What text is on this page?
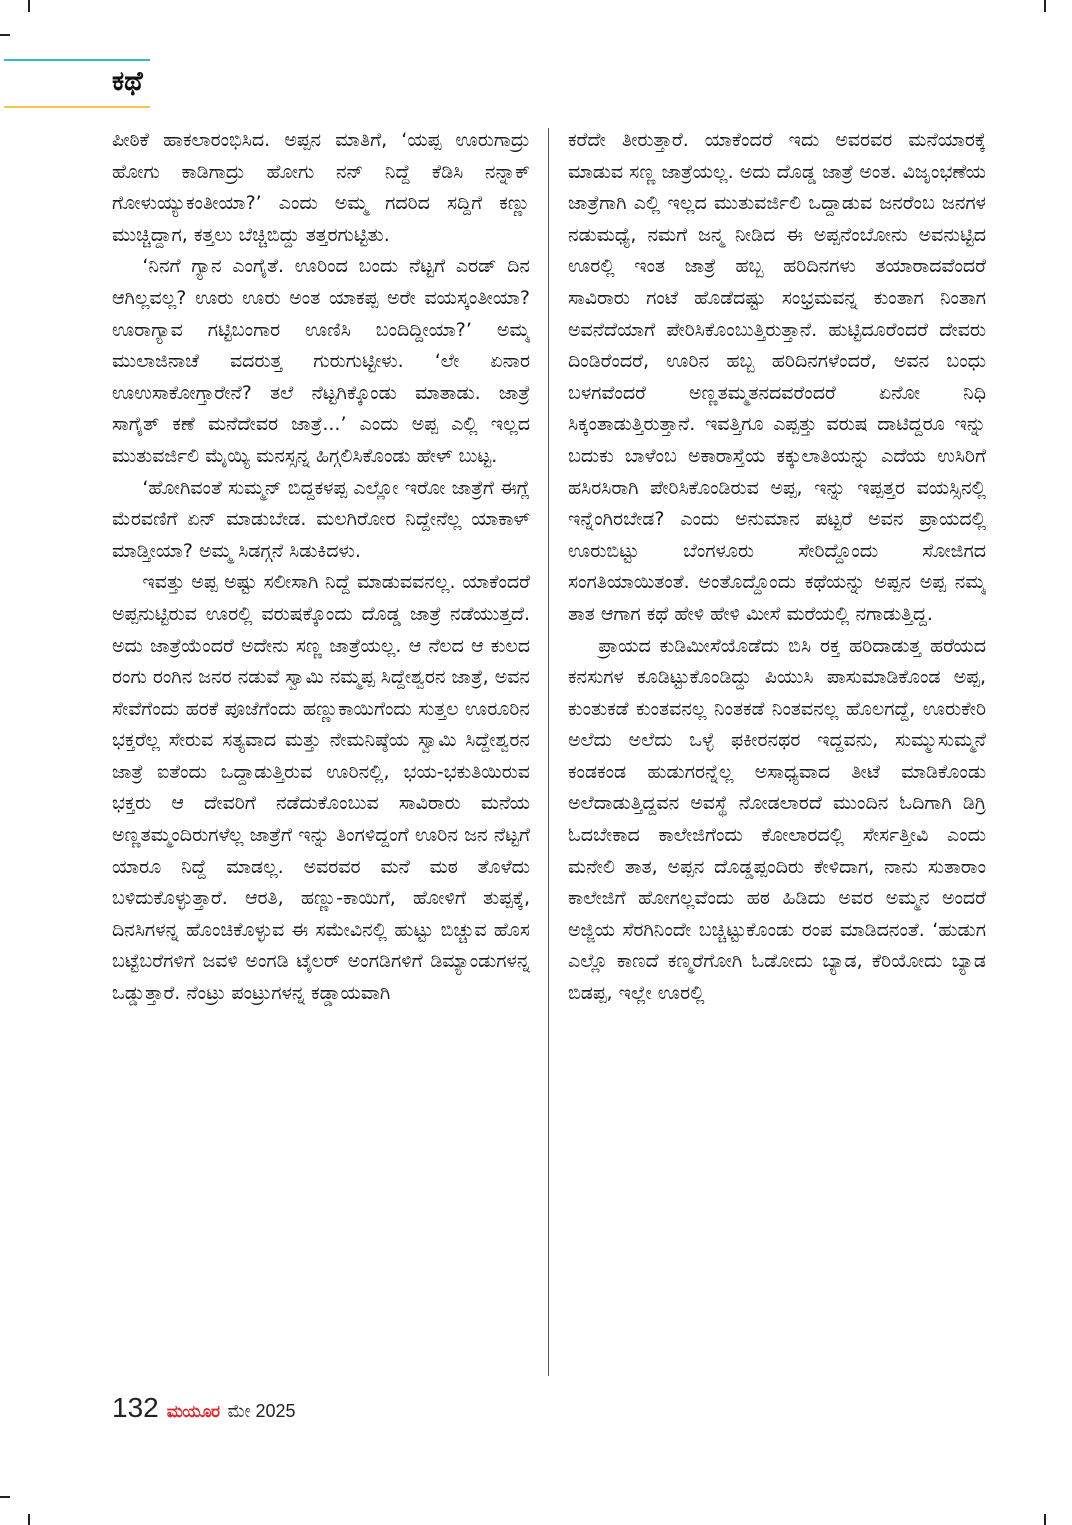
ಕಥೆ

ಪೀಠಿಕೆ ಹಾಕಲಾರಂಭಿಸಿದ. ಅಪ್ಪನ ಮಾತಿಗೆ, ‘ಯಪ್ಪ ಊರುಗಾದ್ರು ಹೋಗು ಕಾಡಿಗಾದ್ರು ಹೋಗು ನನ್ ನಿದ್ದೆ ಕೆಡಿಸಿ ನನ್ನಾಕ್ ಗೋಳುಯ್ಯುಕಂತೀಯಾ?’ ಎಂದು ಅಮ್ಮ ಗದರಿದ ಸದ್ದಿಗೆ ಕಣ್ಣು ಮುಚ್ಚಿದ್ದಾಗ, ಕತ್ತಲು ಬೆಚ್ಚಿಬಿದ್ದು ತತ್ತರಗುಟ್ಟಿತು.

‘ನಿನಗೆ ಗ್ಯಾನ ಎಂಗೈತೆ. ಊರಿಂದ ಬಂದು ನೆಟ್ಟಗೆ ಎರಡ್ ದಿನ ಆಗಿಲ್ಲವಲ್ಲ? ಊರು ಊರು ಅಂತ ಯಾಕಪ್ಪ ಅರೇ ವಯಸ್ಕಂತೀಯಾ? ಊರಾಗ್ಯಾವ ಗಟ್ಟಿಬಂಗಾರ ಊಣಿಸಿ ಬಂದಿದ್ದೀಯಾ?’ ಅಮ್ಮ ಮುಲಾಜಿನಾಚೆ ವದರುತ್ತ ಗುರುಗುಟ್ಟೀಳು. ‘ಲೇ ಏನಾರ ಊಉಸಾಕೋಗ್ತಾರೇನೆ? ತಲೆ ನೆಟ್ಟಗಿಕ್ಕೊಂಡು ಮಾತಾಡು. ಜಾತ್ರೆ ಸಾಗೈತ್ ಕಣೆ ಮನೆದೇವರ ಜಾತ್ರೆ...’ ಎಂದು ಅಪ್ಪ ಎಲ್ಲಿ ಇಲ್ಲದ ಮುತುವರ್ಜಿಲಿ ಮೈಯ್ಯಿ ಮನಸ್ಸನ್ನ ಹಿಗ್ಗಲಿಸಿಕೊಂಡು ಹೇಳ್ ಬುಟ್ಟ.

‘ಹೋಗಿವಂತೆ ಸುಮ್ಮನ್ ಬಿದ್ದಕಳಪ್ಪ ಎಲ್ಲೋ ಇರೋ ಜಾತ್ರೆಗೆ ಈಗ್ಲೆ ಮೆರವಣಿಗೆ ಏನ್ ಮಾಡುಬೇಡ. ಮಲಗಿರೋರ ನಿದ್ದೇನೆಲ್ಲ ಯಾಕಾಳ್ ಮಾಡ್ತೀಯಾ? ಅಮ್ಮ ಸಿಡಗ್ಗನೆ ಸಿಡುಕಿದಳು.

ಇವತ್ತು ಅಪ್ಪ ಅಷ್ಟು ಸಲೀಸಾಗಿ ನಿದ್ದೆ ಮಾಡುವವನಲ್ಲ. ಯಾಕೆಂದರೆ ಅಪ್ಪನುಟ್ಟಿರುವ ಊರಲ್ಲಿ ವರುಷಕ್ಕೊಂದು ದೊಡ್ಡ ಜಾತ್ರೆ ನಡೆಯುತ್ತದೆ. ಅದು ಜಾತ್ರೆಯೆಂದರೆ ಅದೇನು ಸಣ್ಣ ಜಾತ್ರೆಯಲ್ಲ. ಆ ನೆಲದ ಆ ಕುಲದ ರಂಗು ರಂಗಿನ ಜನರ ನಡುವೆ ಸ್ವಾಮಿ ನಮ್ಮಪ್ಪ ಸಿದ್ದೇಶ್ವರನ ಜಾತ್ರೆ, ಅವನ ಸೇವೆಗೆಂದು ಹರಕೆ ಪೂಜೆಗೆಂದು ಹಣ್ಣುಕಾಯಿಗೆಂದು ಸುತ್ತಲ ಊರೂರಿನ ಭಕ್ತರೆಲ್ಲ ಸೇರುವ ಸತ್ಯವಾದ ಮತ್ತು ನೇಮನಿಷ್ಠೆಯ ಸ್ವಾಮಿ ಸಿದ್ದೇಶ್ವರನ ಜಾತ್ರೆ ಐತೆಂದು ಒದ್ದಾಡುತ್ತಿರುವ ಊರಿನಲ್ಲಿ, ಭಯ-ಭಕುತಿಯಿರುವ ಭಕ್ತರು ಆ ದೇವರಿಗೆ ನಡೆದುಕೊಂಬುವ ಸಾವಿರಾರು ಮನೆಯ ಅಣ್ಣತಮ್ಮಂದಿರುಗಳೆಲ್ಲ ಜಾತ್ರೆಗೆ ಇನ್ನು ತಿಂಗಳಿದ್ದಂಗೆ ಊರಿನ ಜನ ನೆಟ್ಟಗೆ ಯಾರೂ ನಿದ್ದೆ ಮಾಡಲ್ಲ. ಅವರವರ ಮನೆ ಮಠ ತೊಳೆದು ಬಳಿದುಕೊಳ್ಳುತ್ತಾರೆ. ಆರತಿ, ಹಣ್ಣು-ಕಾಯಿಗೆ, ಹೋಳಿಗೆ ತುಪ್ಪಕ್ಕೆ, ದಿನಸಿಗಳನ್ನ ಹೊಂಚಿಕೊಳ್ಳುವ ಈ ಸಮೇವಿನಲ್ಲಿ ಹುಟ್ಟು ಬಿಚ್ಚುವ ಹೊಸ ಬಟ್ಟೆಬರೆಗಳಿಗೆ ಜವಳಿ ಅಂಗಡಿ ಟೈಲರ್ ಅಂಗಡಿಗಳಿಗೆ ಡಿಮ್ಯಾಂಡುಗಳನ್ನ ಒಡ್ಡುತ್ತಾರೆ. ನೆಂಟ್ರು ಪಂಟ್ರುಗಳನ್ನ ಕಡ್ಡಾಯವಾಗಿ

ಕರೆದೇ ತೀರುತ್ತಾರೆ. ಯಾಕೆಂದರೆ ಇದು ಅವರವರ ಮನೆಯಾರಕ್ಕೆ ಮಾಡುವ ಸಣ್ಣ ಜಾತ್ರೆಯಲ್ಲ. ಅದು ದೊಡ್ಡ ಜಾತ್ರೆ ಅಂತ. ವಿಜೃಂಭಣೆಯ ಜಾತ್ರೆಗಾಗಿ ಎಲ್ಲಿ ಇಲ್ಲದ ಮುತುವರ್ಜಿಲಿ ಒದ್ದಾಡುವ ಜನರೆಂಬ ಜನಗಳ ನಡುಮಧ್ಯೆ, ನಮಗೆ ಜನ್ಮ ನೀಡಿದ ಈ ಅಪ್ಪನೆಂಬೋನು ಅವನುಟ್ಟಿದ ಊರಲ್ಲಿ ಇಂತ ಜಾತ್ರೆ ಹಬ್ಬ ಹರಿದಿನಗಳು ತಯಾರಾದವೆಂದರೆ ಸಾವಿರಾರು ಗಂಟೆ ಹೊಡೆದಷ್ಟು ಸಂಭ್ರಮವನ್ನ ಕುಂತಾಗ ನಿಂತಾಗ ಅವನೆದೆಯಾಗೆ ಪೇರಿಸಿಕೊಂಬುತ್ತಿರುತ್ತಾನೆ. ಹುಟ್ಟಿದೂರೆಂದರೆ ದೇವರು ದಿಂಡಿರೆಂದರೆ, ಊರಿನ ಹಬ್ಬ ಹರಿದಿನಗಳೆಂದರೆ, ಅವನ ಬಂಧು ಬಳಗವೆಂದರೆ ಅಣ್ಣತಮ್ಮತನದವರೆಂದರೆ ಏನೋ ನಿಧಿ ಸಿಕ್ಕಂತಾಡುತ್ತಿರುತ್ತಾನೆ. ಇವತ್ತಿಗೂ ಎಪ್ಪತ್ತು ವರುಷ ದಾಟಿದ್ದರೂ ಇನ್ನು ಬದುಕು ಬಾಳೆಂಬ ಅಕಾರಾಸ್ತೆಯ ಕಕ್ಕುಲಾತಿಯನ್ನು ಎದೆಯ ಉಸಿರಿಗೆ ಹಸಿರಸಿರಾಗಿ ಪೇರಿಸಿಕೊಂಡಿರುವ ಅಪ್ಪ, ಇನ್ನು ಇಪ್ಪತ್ತರ ವಯಸ್ಸಿನಲ್ಲಿ ಇನ್ನೆಂಗಿರಬೇಡ? ಎಂದು ಅನುಮಾನ ಪಟ್ಟರೆ ಅವನ ಪ್ರಾಯದಲ್ಲಿ ಊರುಬಿಟ್ಟು ಬೆಂಗಳೂರು ಸೇರಿದ್ದೊಂದು ಸೋಜಿಗದ ಸಂಗತಿಯಾಯಿತಂತೆ. ಅಂತೊದ್ದೊಂದು ಕಥೆಯನ್ನು ಅಪ್ಪನ ಅಪ್ಪ ನಮ್ಮ ತಾತ ಆಗಾಗ ಕಥೆ ಹೇಳಿ ಹೇಳಿ ಮೀಸೆ ಮರೆಯಲ್ಲಿ ನಗಾಡುತ್ತಿದ್ದ.

ಪ್ರಾಯದ ಕುಡಿಮೀಸೆಯೊಡೆದು ಬಿಸಿ ರಕ್ತ ಹರಿದಾಡುತ್ತ ಹರೆಯದ ಕನಸುಗಳ ಕೂಡಿಟ್ಟುಕೊಂಡಿದ್ದು ಪಿಯುಸಿ ಪಾಸುಮಾಡಿಕೊಂಡ ಅಪ್ಪ, ಕುಂತುಕಡೆ ಕುಂತವನಲ್ಲ ನಿಂತಕಡೆ ನಿಂತವನಲ್ಲ ಹೊಲಗದ್ದೆ, ಊರುಕೇರಿ ಅಲೆದು ಅಲೆದು ಒಳ್ಳೆ ಫಕೀರನಥರ ಇದ್ದವನು, ಸುಮ್ಮುಸುಮ್ಮನೆ ಕಂಡಕಂಡ ಹುಡುಗರನ್ನೆಲ್ಲ ಅಸಾಧ್ಯವಾದ ತೀಟೆ ಮಾಡಿಕೊಂಡು ಅಲೆದಾಡುತ್ತಿದ್ದವನ ಅವಸ್ಥೆ ನೋಡಲಾರದೆ ಮುಂದಿನ ಓದಿಗಾಗಿ ಡಿಗ್ರಿ ಓದಬೇಕಾದ ಕಾಲೇಜಿಗೆಂದು ಕೋಲಾರದಲ್ಲಿ ಸೇರ್ಸತ್ತೀವಿ ಎಂದು ಮನೇಲಿ ತಾತ, ಅಪ್ಪನ ದೊಡ್ಡಪ್ಪಂದಿರು ಕೇಳಿದಾಗ, ನಾನು ಸುತಾರಾಂ ಕಾಲೇಜಿಗೆ ಹೋಗಲ್ಲವೆಂದು ಹಠ ಹಿಡಿದು ಅವರ ಅಮ್ಮನ ಅಂದರೆ ಅಜ್ಜಿಯ ಸೆರಗಿನಿಂದೇ ಬಚ್ಚಿಟ್ಟುಕೊಂಡು ರಂಪ ಮಾಡಿದನಂತೆ. ‘ಹುಡುಗ ಎಲ್ಲೊ ಕಾಣದೆ ಕಣ್ಮರೆಗೋಗಿ ಓಡೋದು ಬ್ಯಾಡ, ಕೆರಿಯೋದು ಬ್ಯಾಡ ಬಿಡಪ್ಪ, ಇಲ್ಲೇ ಊರಲ್ಲಿ

132 ಮಯೂರ ಮೇ 2025
